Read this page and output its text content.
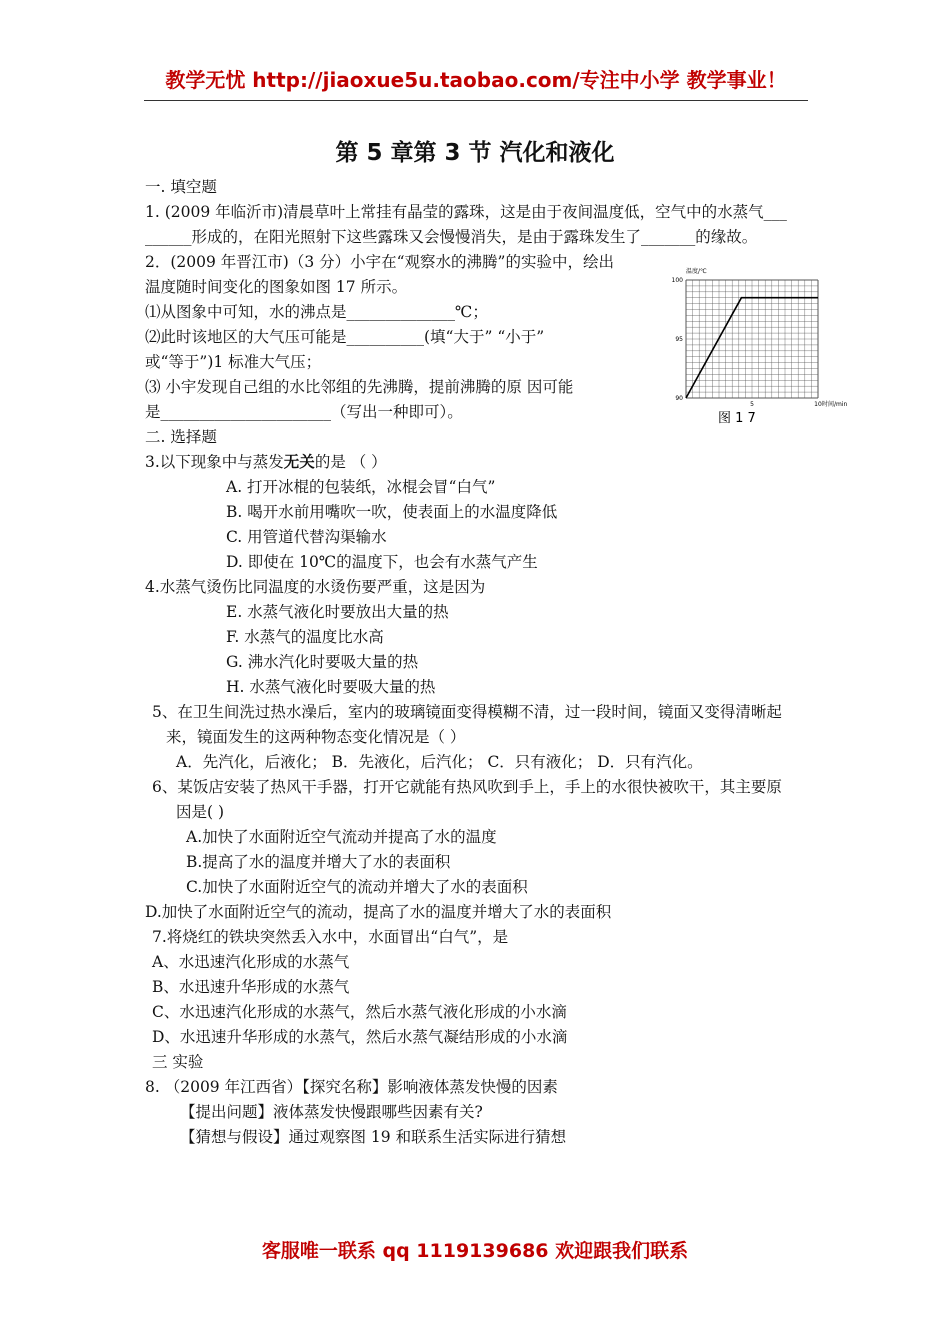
教学无忧 http://jiaoxue5u.taobao.com/专注中小学 教学事业！
第 5 章第 3 节 汽化和液化
一. 填空题
1. (2009 年临沂市)清晨草叶上常挂有晶莹的露珠，这是由于夜间温度低，空气中的水蒸气___
______形成的，在阳光照射下这些露珠又会慢慢消失，是由于露珠发生了_______的缘故。
2．(2009 年晋江市)（3 分）小宇在“观察水的沸腾”的实验中，绘出
温度随时间变化的图象如图 17 所示。
⑴从图象中可知，水的沸点是______________℃；
⑵此时该地区的大气压可能是__________(填“大于” “小于”
或“等于”)1 标准大气压；
⑶ 小宇发现自己组的水比邻组的先沸腾，提前沸腾的原 因可能
是______________________（写出一种即可）。
90
95
100
5	10
温度/℃
时间/min
图 1 7
二. 选择题
3.以下现象中与蒸发无关的是 （ ）
A. 打开冰棍的包装纸，冰棍会冒“白气”
B. 喝开水前用嘴吹一吹，使表面上的水温度降低
C. 用管道代替沟渠输水
D. 即使在 10℃的温度下，也会有水蒸气产生
4.水蒸气烫伤比同温度的水烫伤要严重，这是因为
E. 水蒸气液化时要放出大量的热
F. 水蒸气的温度比水高
G. 沸水汽化时要吸大量的热
H. 水蒸气液化时要吸大量的热
5、在卫生间洗过热水澡后，室内的玻璃镜面变得模糊不清，过一段时间，镜面又变得清晰起
来，镜面发生的这两种物态变化情况是（ ）
A．先汽化，后液化； B．先液化，后汽化； C．只有液化； D．只有汽化。
6、某饭店安装了热风干手器，打开它就能有热风吹到手上，手上的水很快被吹干，其主要原
因是( )
A.加快了水面附近空气流动并提高了水的温度
B.提高了水的温度并增大了水的表面积
C.加快了水面附近空气的流动并增大了水的表面积
D.加快了水面附近空气的流动，提高了水的温度并增大了水的表面积
7.将烧红的铁块突然丢入水中，水面冒出“白气”，是
A、水迅速汽化形成的水蒸气
B、水迅速升华形成的水蒸气
C、水迅速汽化形成的水蒸气，然后水蒸气液化形成的小水滴
D、水迅速升华形成的水蒸气，然后水蒸气凝结形成的小水滴
三 实验
8. （2009 年江西省）【探究名称】影响液体蒸发快慢的因素
【提出问题】液体蒸发快慢跟哪些因素有关?
【猜想与假设】通过观察图 19 和联系生活实际进行猜想
客服唯一联系 qq 1119139686 欢迎跟我们联系
